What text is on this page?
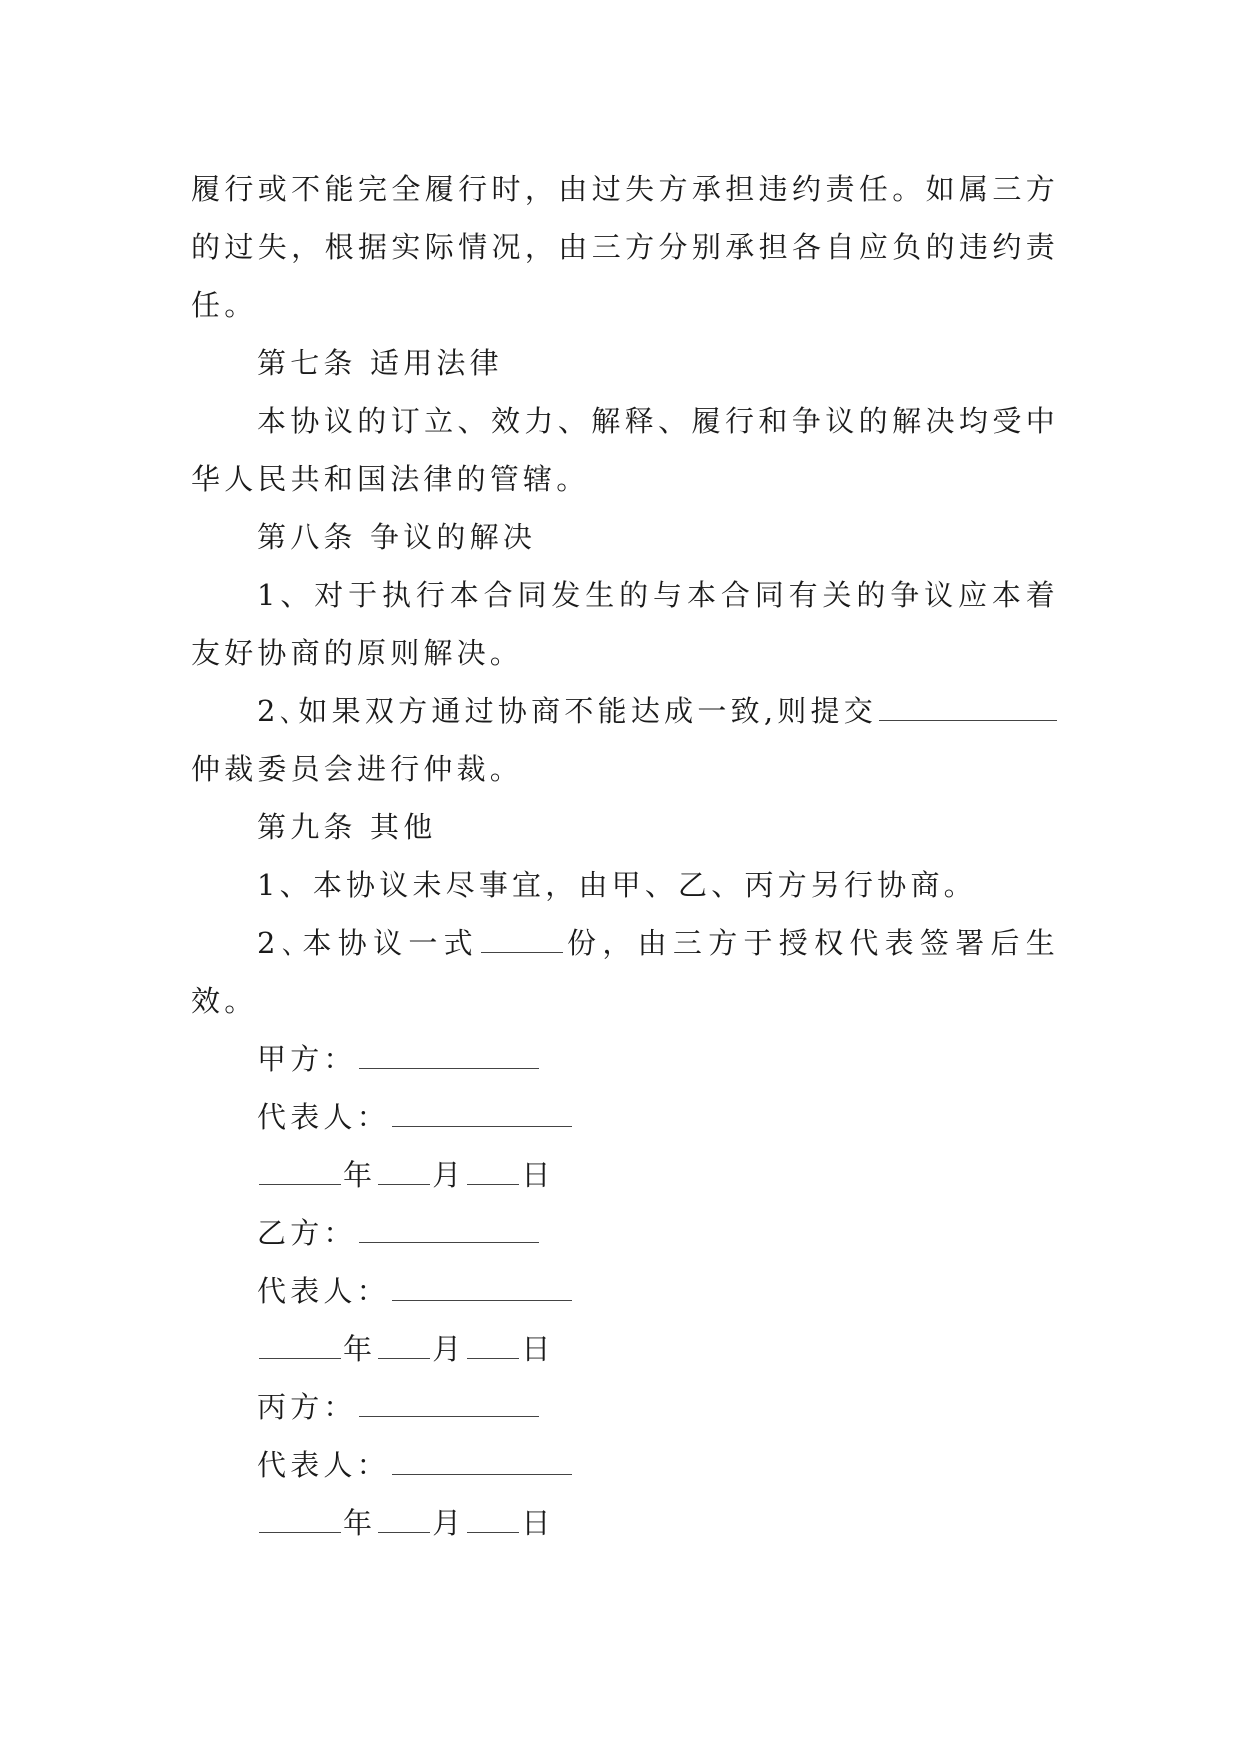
履行或不能完全履行时，由过失方承担违约责任。如属三方的过失，根据实际情况，由三方分别承担各自应负的违约责任。

第七条 适用法律

本协议的订立、效力、解释、履行和争议的解决均受中华人民共和国法律的管辖。

第八条 争议的解决

1、对于执行本合同发生的与本合同有关的争议应本着友好协商的原则解决。

2､如果双方通过协商不能达成一致,则提交仲裁委员会进行仲裁。

第九条 其他

1、本协议未尽事宜，由甲、乙、丙方另行协商。

2､本协议一式	份，由三方于授权代表签署后生效。

甲方：

代表人：

年 月 日

乙方：

代表人：

年 月 日

丙方：

代表人：

年 月 日
